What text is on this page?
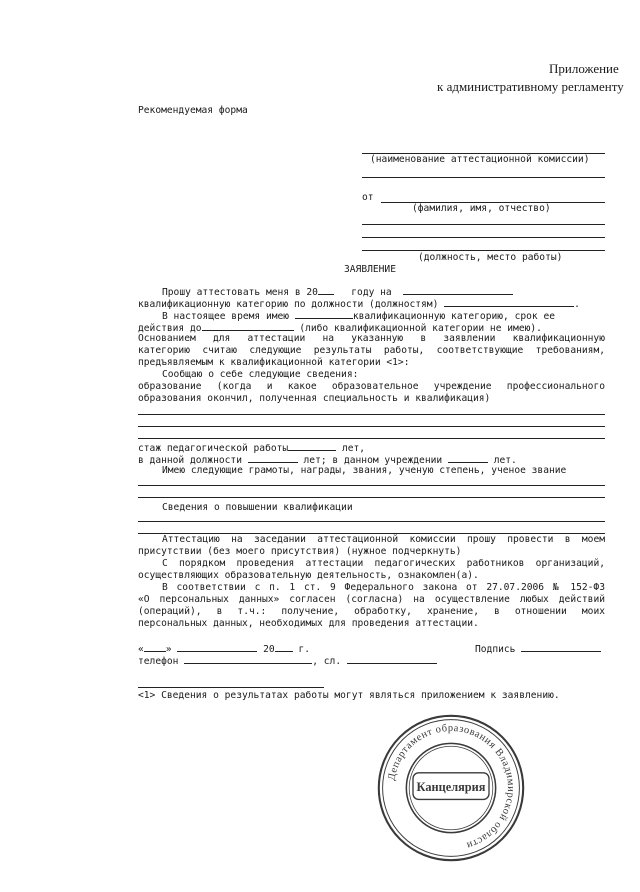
Приложение
к административному регламенту
Рекомендуемая форма
(наименование аттестационной комиссии)
от
(фамилия, имя, отчество)
(должность, место работы)
ЗАЯВЛЕНИЕ
Прошу аттестовать меня в 20	году на
квалификационную категорию по должности (должностям)	.
В настоящее время имею	квалификационную категорию, срок ее
действия до	(либо квалификационной категории не имею).
Основанием для аттестации на указанную в заявлении квалификационную
категорию считаю следующие результаты работы, соответствующие требованиям,
предъявляемым к квалификационной категории <1>:
Сообщаю о себе следующие сведения:
образование (когда и какое образовательное учреждение профессионального
образования окончил, полученная специальность и квалификация)
стаж педагогической работы	лет,
в данной должности	лет; в данном учреждении	лет.
Имею следующие грамоты, награды, звания, ученую степень, ученое звание
Сведения о повышении квалификации
Аттестацию на заседании аттестационной комиссии прошу провести в моем
присутствии (без моего присутствия) (нужное подчеркнуть)
С порядком проведения аттестации педагогических работников организаций,
осуществляющих образовательную деятельность, ознакомлен(а).
В соответствии с п. 1 ст. 9 Федерального закона от 27.07.2006 № 152-ФЗ
«О персональных данных» согласен (согласна) на осуществление любых действий
(операций), в т.ч.: получение, обработку, хранение, в отношении моих
персональных данных, необходимых для проведения аттестации.
« »	20 г.	Подпись
телефон	, сл.
<1> Сведения о результатах работы могут являться приложением к заявлению.
Департамент образования Владимирской области
Канцелярия
